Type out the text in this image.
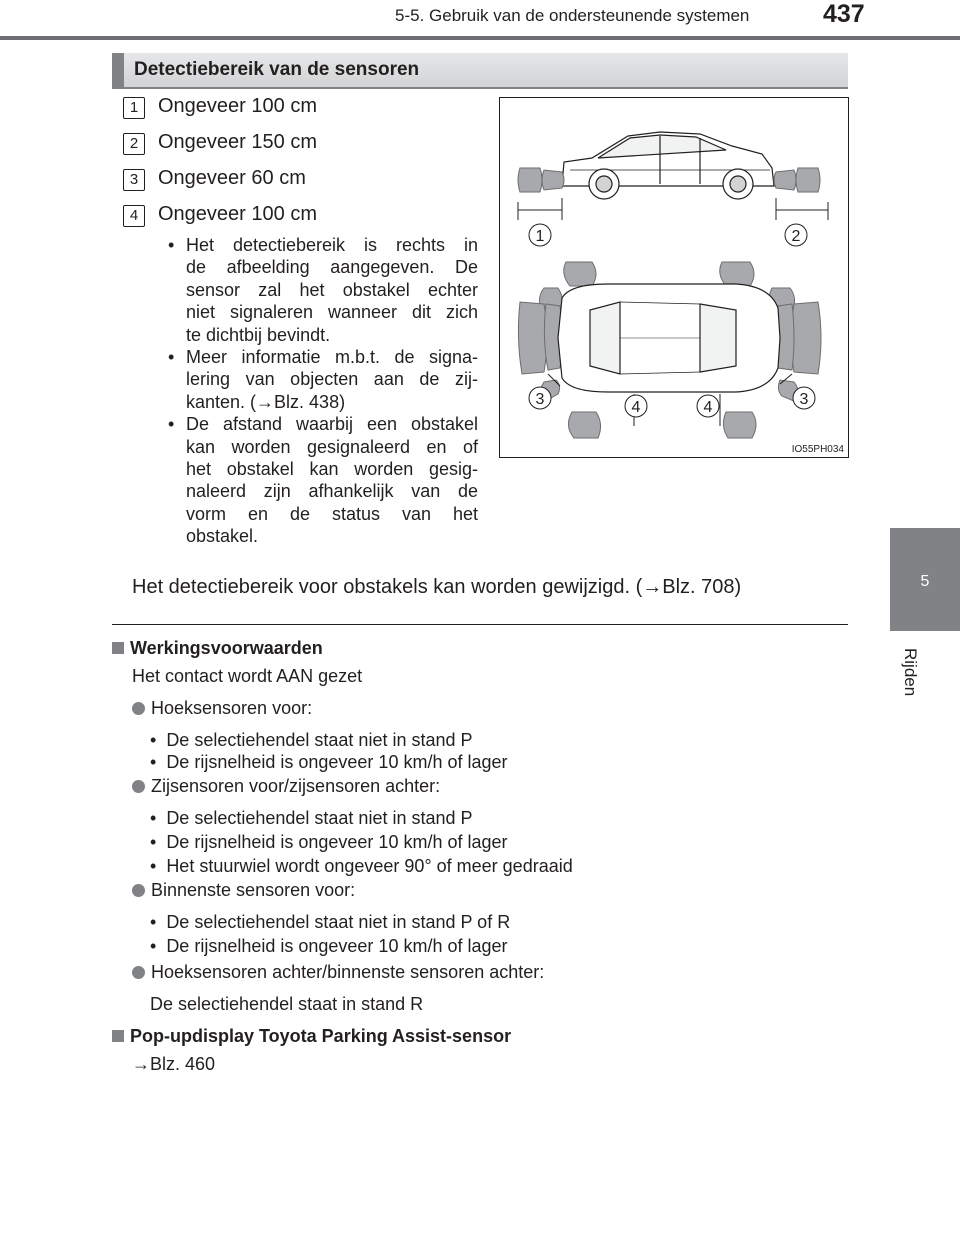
5-5. Gebruik van de ondersteunende systemen	437
5
Rijden
Detectiebereik van de sensoren
1 Ongeveer 100 cm
2 Ongeveer 150 cm
3 Ongeveer 60 cm
4 Ongeveer 100 cm
• Het detectiebereik is rechts in
de afbeelding aangegeven. De
sensor zal het obstakel echter
niet signaleren wanneer dit zich
te dichtbij bevindt.
• Meer informatie m.b.t. de signa-
lering van objecten aan de zij-
kanten. (→Blz. 438)
• De afstand waarbij een obstakel
kan worden gesignaleerd en of
het obstakel kan worden gesig-
naleerd zijn afhankelijk van de
vorm en de status van het
obstakel.
Het detectiebereik voor obstakels kan worden gewijzigd. (→Blz. 708)
1	2
3	4	4	3
IO55PH034
Werkingsvoorwaarden
Het contact wordt AAN gezet
Hoeksensoren voor:
•  De selectiehendel staat niet in stand P
•  De rijsnelheid is ongeveer 10 km/h of lager
Zijsensoren voor/zijsensoren achter:
•  De selectiehendel staat niet in stand P
•  De rijsnelheid is ongeveer 10 km/h of lager
•  Het stuurwiel wordt ongeveer 90° of meer gedraaid
Binnenste sensoren voor:
•  De selectiehendel staat niet in stand P of R
•  De rijsnelheid is ongeveer 10 km/h of lager
Hoeksensoren achter/binnenste sensoren achter:
De selectiehendel staat in stand R
Pop-updisplay Toyota Parking Assist-sensor
→Blz. 460
